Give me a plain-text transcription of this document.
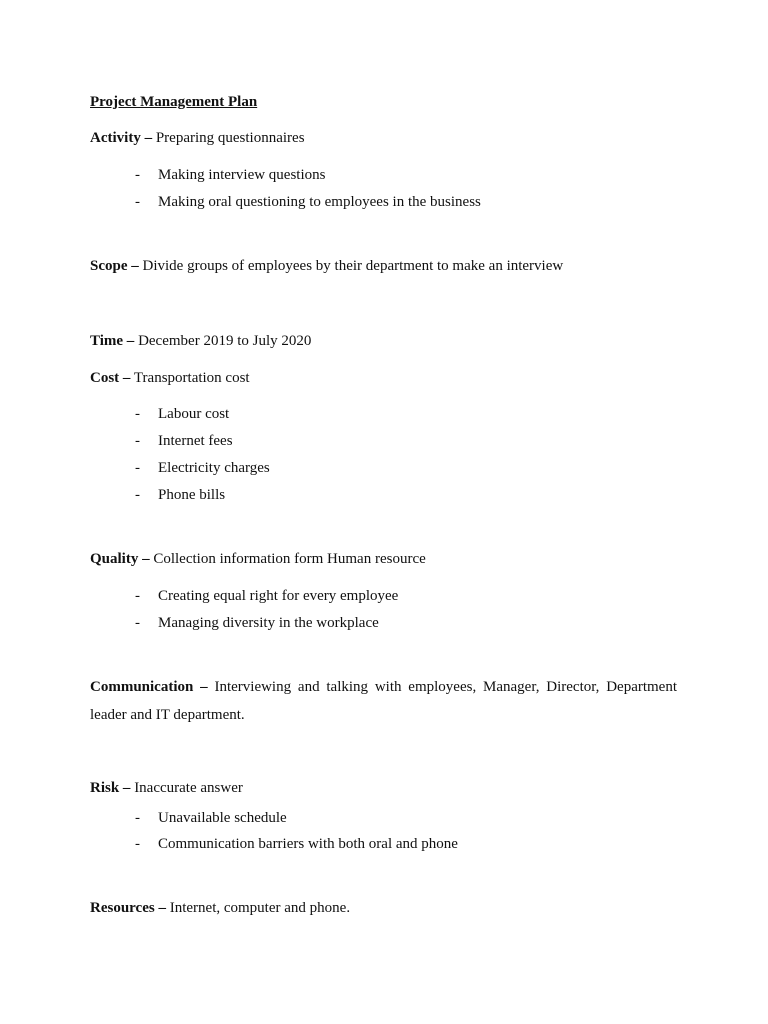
Project Management Plan
Activity – Preparing questionnaires
- Making interview questions
- Making oral questioning to employees in the business
Scope – Divide groups of employees by their department to make an interview
Time – December 2019 to July 2020
Cost – Transportation cost
- Labour cost
- Internet fees
- Electricity charges
- Phone bills
Quality – Collection information form Human resource
- Creating equal right for every employee
- Managing diversity in the workplace
Communication – Interviewing and talking with employees, Manager, Director, Department leader and IT department.
Risk – Inaccurate answer
- Unavailable schedule
- Communication barriers with both oral and phone
Resources – Internet, computer and phone.
